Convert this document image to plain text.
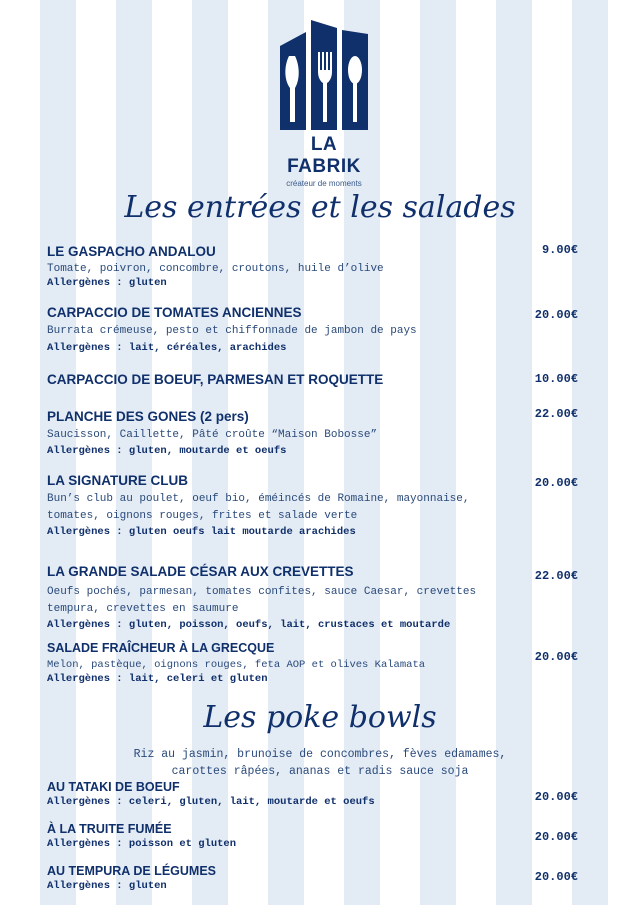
LA FABRIK
créateur de moments
Les entrées et les salades
LE GASPACHO ANDALOU
Tomate, poivron, concombre, croutons, huile d’olive
Allergènes : gluten
9.00€
CARPACCIO DE TOMATES ANCIENNES
Burrata crémeuse, pesto et chiffonnade de jambon de pays
Allergènes : lait, céréales, arachides
20.00€
CARPACCIO DE BOEUF, PARMESAN ET ROQUETTE	10.00€
PLANCHE DES GONES (2 pers)
Saucisson, Caillette, Pâté croûte “Maison Bobosse”
Allergènes : gluten, moutarde et oeufs
22.00€
LA SIGNATURE CLUB
Bun’s club au poulet, oeuf bio, éméincés de Romaine, mayonnaise, tomates, oignons rouges, frites et salade verte
Allergènes : gluten oeufs lait moutarde arachides
20.00€
LA GRANDE SALADE CÉSAR AUX CREVETTES
Oeufs pochés, parmesan, tomates confites, sauce Caesar, crevettes tempura, crevettes en saumure
Allergènes : gluten, poisson, oeufs, lait, crustaces et moutarde
22.00€
SALADE FRAÎCHEUR À LA GRECQUE
Melon, pastèque, oignons rouges, feta AOP et olives Kalamata
Allergènes : lait, celeri et gluten
20.00€
Les poke bowls
Riz au jasmin, brunoise de concombres, fèves edamames, carottes râpées, ananas et radis sauce soja
AU TATAKI DE BOEUF
Allergènes : celeri, gluten, lait, moutarde et oeufs	20.00€
À LA TRUITE FUMÉE
Allergènes : poisson et gluten	20.00€
AU TEMPURA DE LÉGUMES
Allergènes : gluten
20.00€
